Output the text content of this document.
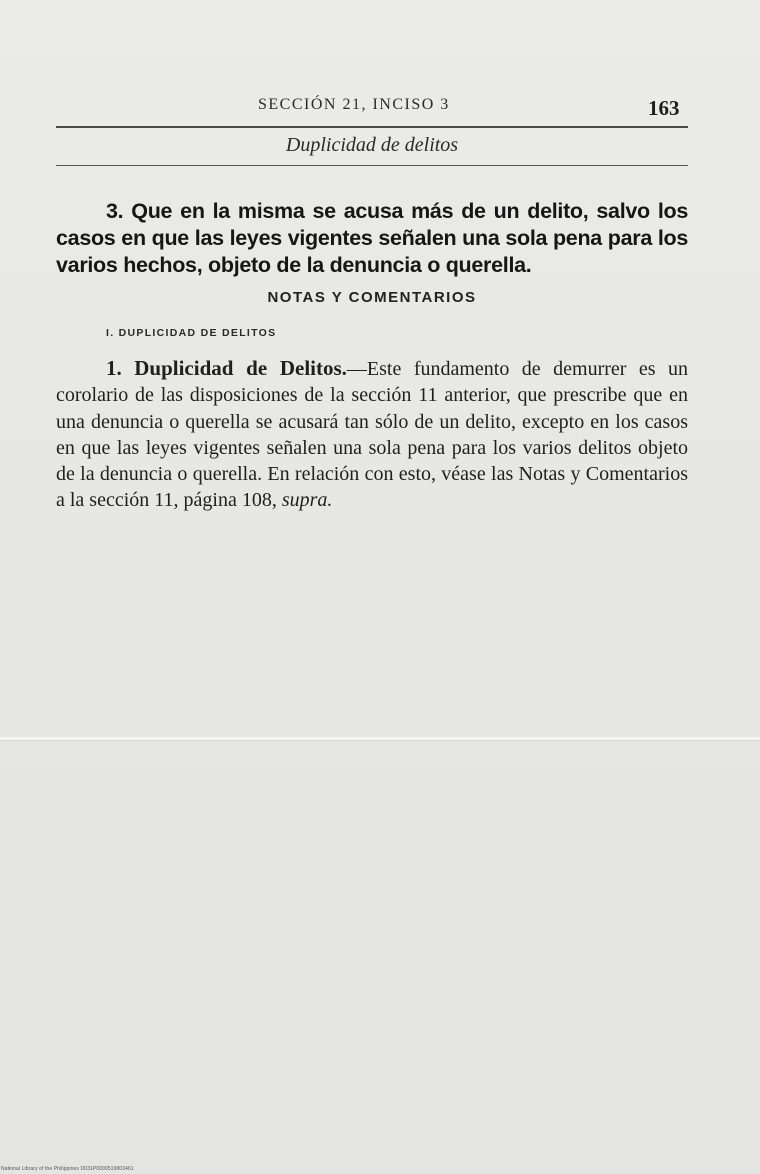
SECCIÓN 21, INCISO 3	163
Duplicidad de delitos
3. Que en la misma se acusa más de un delito, salvo los casos en que las leyes vigentes señalen una sola pena para los varios hechos, objeto de la denuncia o querella.
NOTAS Y COMENTARIOS
I. DUPLICIDAD DE DELITOS
1. Duplicidad de Delitos.—Este fundamento de demurrer es un corolario de las disposiciones de la sección 11 anterior, que prescribe que en una denuncia o querella se acusará tan sólo de un delito, excepto en los casos en que las leyes vigentes señalen una sola pena para los varios delitos objeto de la denuncia o querella. En relación con esto, véase las Notas y Comentarios a la sección 11, página 108, supra.
National Library of the Philippines D031P0000519803461
